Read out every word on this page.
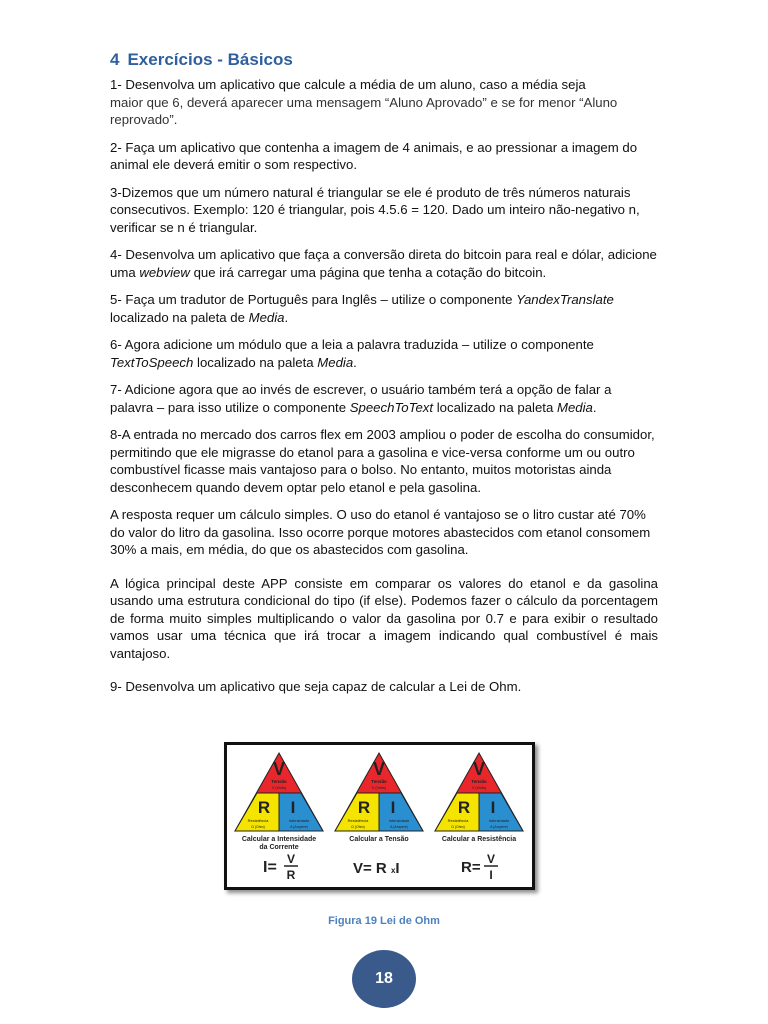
4 Exercícios - Básicos

1- Desenvolva um aplicativo que calcule a média de um aluno, caso a média seja
maior que 6, deverá aparecer uma mensagem “Aluno Aprovado” e se for menor “Aluno reprovado”.

2- Faça um aplicativo que contenha a imagem de 4 animais, e ao pressionar a imagem do animal ele deverá emitir o som respectivo.

3-Dizemos que um número natural é triangular se ele é produto de três números naturais consecutivos. Exemplo: 120 é triangular, pois 4.5.6 = 120. Dado um inteiro não-negativo n, verificar se n é triangular.

4- Desenvolva um aplicativo que faça a conversão direta do bitcoin para real e dólar, adicione uma webview que irá carregar uma página que tenha a cotação do bitcoin.

5- Faça um tradutor de Português para Inglês – utilize o componente YandexTranslate localizado na paleta de Media.

6- Agora adicione um módulo que a leia a palavra traduzida – utilize o componente TextToSpeech localizado na paleta Media.

7- Adicione agora que ao invés de escrever, o usuário também terá a opção de falar a palavra – para isso utilize o componente SpeechToText localizado na paleta Media.

8-A entrada no mercado dos carros flex em 2003 ampliou o poder de escolha do consumidor, permitindo que ele migrasse do etanol para a gasolina e vice-versa conforme um ou outro combustível ficasse mais vantajoso para o bolso. No entanto, muitos motoristas ainda desconhecem quando devem optar pelo etanol e pela gasolina.

A resposta requer um cálculo simples. O uso do etanol é vantajoso se o litro custar até 70% do valor do litro da gasolina. Isso ocorre porque motores abastecidos com etanol consomem 30% a mais, em média, do que os abastecidos com gasolina.

A lógica principal deste APP consiste em comparar os valores do etanol e da gasolina usando uma estrutura condicional do tipo (if else). Podemos fazer o cálculo da porcentagem de forma muito simples multiplicando o valor da gasolina por 0.7 e para exibir o resultado vamos usar uma técnica que irá trocar a imagem indicando qual combustível é mais vantajoso.

9- Desenvolva um aplicativo que seja capaz de calcular a Lei de Ohm.

V
Tensão
V (Volts)
R I
Resistência
Ω (Ohm)
Intensidade
A (Ampere)
Calcular a Intensidade
da Corrente
I= V
R
V
Tensão
V (Volts)
R I
Resistência
Ω (Ohm)
Intensidade
A (Ampere)
Calcular a Tensão
V= R xI
V
Tensão
V (Volts)
R I
Resistência
Ω (Ohm)
Intensidade
A (Ampere)
Calcular a Resistência
R= V
I
Figura 19 Lei de Ohm
18
